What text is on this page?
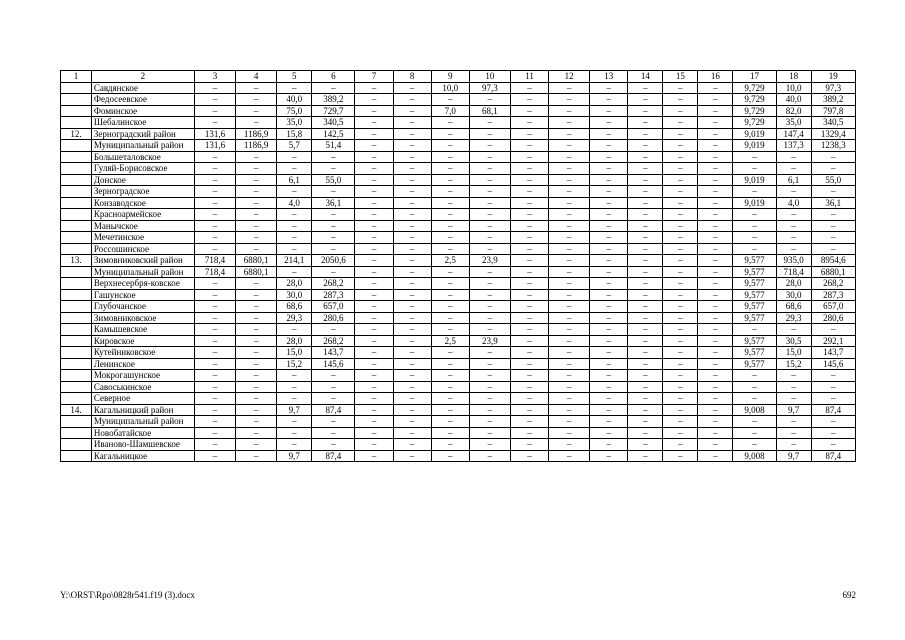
1	2	3	4	5	6	7	8	9	10	11	12	13	14	15	16	17	18	19
	Савдянское	–	–	–	–	–	–	10,0	97,3	–	–	–	–	–	–	9,729	10,0	97,3
	Федосеевское	–	–	40,0	389,2	–	–	–	–	–	–	–	–	–	–	9,729	40,0	389,2
	Фоминское	–	–	75,0	729,7	–	–	7,0	68,1	–	–	–	–	–	–	9,729	82,0	797,8
	Шебалинское	–	–	35,0	340,5	–	–	–	–	–	–	–	–	–	–	9,729	35,0	340,5
12.	Зерноградский район	131,6	1186,9	15,8	142,5	–	–	–	–	–	–	–	–	–	–	9,019	147,4	1329,4
	Муниципальный район	131,6	1186,9	5,7	51,4	–	–	–	–	–	–	–	–	–	–	9,019	137,3	1238,3
	Большеталовское	–	–	–	–	–	–	–	–	–	–	–	–	–	–	–	–	–
	Гуляй-Борисовское	–	–	–	–	–	–	–	–	–	–	–	–	–	–	–	–	–
	Донское	–	–	6,1	55,0	–	–	–	–	–	–	–	–	–	–	9,019	6,1	55,0
	Зерноградское	–	–	–	–	–	–	–	–	–	–	–	–	–	–	–	–	–
	Конзаводское	–	–	4,0	36,1	–	–	–	–	–	–	–	–	–	–	9,019	4,0	36,1
	Красноармейское	–	–	–	–	–	–	–	–	–	–	–	–	–	–	–	–	–
	Манычское	–	–	–	–	–	–	–	–	–	–	–	–	–	–	–	–	–
	Мечетинское	–	–	–	–	–	–	–	–	–	–	–	–	–	–	–	–	–
	Россошинское	–	–	–	–	–	–	–	–	–	–	–	–	–	–	–	–	–
13.	Зимовниковский район	718,4	6880,1	214,1	2050,6	–	–	2,5	23,9	–	–	–	–	–	–	9,577	935,0	8954,6
	Муниципальный район	718,4	6880,1	–	–	–	–	–	–	–	–	–	–	–	–	9,577	718,4	6880,1
	Верхнесербря-ковское	–	–	28,0	268,2	–	–	–	–	–	–	–	–	–	–	9,577	28,0	268,2
	Гашунское	–	–	30,0	287,3	–	–	–	–	–	–	–	–	–	–	9,577	30,0	287,3
	Глубочанское	–	–	68,6	657,0	–	–	–	–	–	–	–	–	–	–	9,577	68,6	657,0
	Зимовниковское	–	–	29,3	280,6	–	–	–	–	–	–	–	–	–	–	9,577	29,3	280,6
	Камышевское	–	–	–	–	–	–	–	–	–	–	–	–	–	–	–	–	–
	Кировское	–	–	28,0	268,2	–	–	2,5	23,9	–	–	–	–	–	–	9,577	30,5	292,1
	Кутейниковское	–	–	15,0	143,7	–	–	–	–	–	–	–	–	–	–	9,577	15,0	143,7
	Ленинское	–	–	15,2	145,6	–	–	–	–	–	–	–	–	–	–	9,577	15,2	145,6
	Мокрогашунское	–	–	–	–	–	–	–	–	–	–	–	–	–	–	–	–	–
	Савоськинское	–	–	–	–	–	–	–	–	–	–	–	–	–	–	–	–	–
	Северное	–	–	–	–	–	–	–	–	–	–	–	–	–	–	–	–	–
14.	Кагальницкий район	–	–	9,7	87,4	–	–	–	–	–	–	–	–	–	–	9,008	9,7	87,4
	Муниципальный район	–	–	–	–	–	–	–	–	–	–	–	–	–	–	–	–	–
	Новобатайское	–	–	–	–	–	–	–	–	–	–	–	–	–	–	–	–	–
	Иваново-Шамшевское	–	–	–	–	–	–	–	–	–	–	–	–	–	–	–	–	–
	Кагальницкое	–	–	9,7	87,4	–	–	–	–	–	–	–	–	–	–	9,008	9,7	87,4
Y:\ORST\Rpo\0828r541.f19 (3).docx	692
